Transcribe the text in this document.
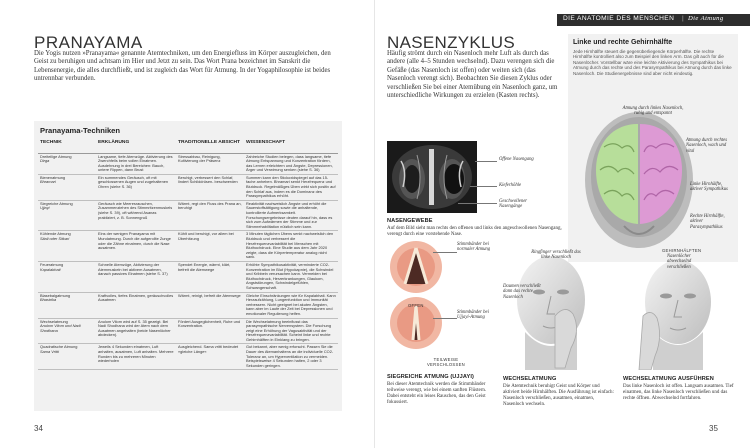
PRANAYAMA
Die Yogis nutzen »Pranayama« genannte Atemtechniken, um den Energiefluss im Körper auszugleichen, den Geist zu beruhigen und achtsam im Hier und Jetzt zu sein. Das Wort Prana bezeichnet im Sanskrit die Lebensenergie, die alles durchfließt, und ist zugleich das Wort für Atmung. In der Yogaphilosophie ist beides untrennbar verbunden.
Pranayama-Techniken
TECHNIK	ERKLÄRUNG	TRADITIONELLE ABSICHT	WISSENSCHAFT

Dreiteilige Atmung
Dirga	Langsame, tiefe Atemzüge. Aktivierung des Zwerchfells beim vollen Einatmen. Ausdehnung in drei Bereichen: Bauch, untere Rippen, dann Brust	Stressabbau, Reinigung, Kultivierung der Präsenz	Zahlreiche Studien belegen, dass langsame, tiefe Atmung Entspannung und Konzentration fördern, das Lernen erleichtern und Ängste, Depressionen, Ärger und Verwirrung senken (siehe S. 36)

Bienenatmung
Bhramari	Ein summendes Geräusch, oft mit geschlossenen Augen und zugehaltenen Ohren (siehe S. 36)	Beruhigt, verbessert den Schlaf, lindert Schilddrüsen- beschwerden	Summen kann den Stickoxidspiegel auf das 15-fache anheben. Bhramari senkt Herzfrequenz und Blutdruck. Regelmäßiges Üben wirkt sich positiv auf den Schlaf aus, indem es die Dominanz des Parasympathikus erhöht.

Siegreiche Atmung
Ujjayi	Geräusch wie Meeresrauschen, Zusammenziehen des Stimmritzenmuskels (siehe S. 39), oft während Asanas praktiziert, z. B. Sonnengruß	Wärmt, regt den Fluss des Prana an, beruhigt	Reaktivität nachweislich Ängste und erhöht die Sauerstoffsättigung sowie die anhaltende, kontrollierte Aufmerksamkeit. Forschungsergebnisse deuten darauf hin, dass es sich zum Aufwärmen der Stimme und zur Stimmrehabilitation nützlich sein kann.

Kühlende Atmung
Sitali oder Sitkari	Eins der wenigen Pranayama mit Mundatmung. Durch die aufgerollte Zunge oder die Zähne einatmen, durch die Nase ausatmen.	Kühlt und beruhigt, vor allem bei Überhitzung	3 Minuten täglichen Übens senkt nachweislich den Blutdruck und verbessert die Herzfrequenzvariabilität bei Menschen mit Bluthochdruck. Eine Studie aus dem Jahr 2020 zeigte, dass die Körpertemperatur analog nicht sank.

Feueratmung
Kapalabhati	Schnelle Atemzüge, Aktivierung der Atemmuskeln bei aktivem Ausatmen, danach passives Einatmen (siehe S. 37)	Spendet Energie, wärmt, klärt, befreit die Atemwege	Erhöhte Sympathikusaktivität, verminderte CO2-Konzentration im Blut (Hypokapnie), die Schwindel und Kribbeln verursachen kann. Vermeiden bei Bluthochdruck, Herzerkrankungen, Glaukom, Angststörungen, Schwindelgefühlen, Schwangerschaft.

Blasebalgatmung
Bhastrika	Kraftvolles, tiefes Einatmen, geräuschvolles Ausatmen	Wärmt, reinigt, befreit die Atemwege	Gleiche Einschränkungen wie für Kapalabhati. Kann Herzaufzählung, Lungenfunktion und Immunität verbessern. Nicht geeignet bei akuten Ängsten, kann aber im Laufe der Zeit bei Depressionen und emotionaler Regulierung helfen.

Wechselatmung
Anulom Vilom und Nadi Shodhana	Anulom Vilom wird auf S. 35 gezeigt. Bei Nadi Shodhana wird der Atem nach dem Ausatmen angehalten (beide Nasenlöcher abdecken).	Fördert Ausgeglichenheit, Ruhe und Konzentration.	Die Wechselatmung beeinflusst das parasympathische Nervensystem. Die Forschung zeigt eine Erhöhung der Vagusaktivität und der Herzfrequenzvariabilität. Scheint linke und rechte Gehirnhälften in Einklang zu bringen.

Quadratische Atmung
Sama Vritti	Jeweils 4 Sekunden einatmen, Luft anhalten, ausatmen, Luft anhalten. Mehrere Runden bis zu mehreren Minuten wiederholen	Ausgleichend. Sama vritti bedeutet »gleiche Länge«	Gut bekannt, aber wenig erforscht. Passen Sie die Dauer des Atemanhaltens an die individuelle CO2-Toleranz an, um Hyperventilation zu vermeiden. Beispielsweise 4 Sekunden halten, 2 oder 3 Sekunden geringen.
34
DIE ANATOMIE DES MENSCHEN | Die Atmung
NASENZYKLUS
Häufig strömt durch ein Nasenloch mehr Luft als durch das andere (alle 4–5 Stunden wechselnd). Dazu verengen sich die Gefäße (das Nasenloch ist offen) oder weiten sich (das Nasenloch verengt sich). Beobachten Sie diesen Zyklus oder verschließen Sie bei einer Atemübung ein Nasenloch ganz, um unterschiedliche Wirkungen zu erzielen (Kasten rechts).
Offene Nasengang
Kieferhöhle
Geschwollener Nasengänge
NASENGEWEBE
Auf dem Bild sieht man rechts den offenen und links den angeschwollenen Nasengang, verengt durch eine vorstehende Nase.
Linke und rechte Gehirnhälfte
Jede Hirnhälfte steuert die gegenüberliegende Körperhälfte. Die rechte Hirnhälfte kontrolliert also zum Beispiel den linken Arm. Das gilt auch für die Nasenlöcher. Vorstellbar wäre eine leichte Aktivierung des Sympathikus bei Atmung durch das rechte und des Parasympathikus bei Atmung durch das linke Nasenloch. Die Studienergebnisse sind aber nicht eindeutig.
Atmung durch linkes Nasenloch, ruhig und entspannt
Atmung durch rechtes Nasenloch, wach und vital
Linke Hirnhälfte, aktiver Sympathikus
Rechte Hirnhälfte, aktiver Parasympathikus
GEHIRNHÄLFTEN
Stimmbänder bei normaler Atmung
OFFEN
Stimmbänder bei Ujjayi-Atmung
TEILWEISE VERSCHLOSSEN
SIEGREICHE ATMUNG (UJJAYI)
Bei dieser Atemtechnik werden die Stimmbänder teilweise verengt, wie bei einem sanften Flüstern. Dabei entsteht ein leises Rauschen, das den Geist fokussiert.
Ringfinger verschließt das linke Nasenloch
Daumen verschließt dann das rechte Nasenloch
WECHSELATMUNG
Die Atemtechnik beruhigt Geist und Körper und aktiviert beide Hirnhälften. Die Ausführung ist einfach: Nasenloch verschließen, ausatmen, einatmen, Nasenloch wechseln.
Nasenlöcher abwechselnd verschließen
WECHSELATMUNG AUSFÜHREN
Das linke Nasenloch ist offen. Langsam ausatmen. Tief einatmen, das linke Nasenloch verschließen und das rechte öffnen. Abwechselnd fortfahren.
35
